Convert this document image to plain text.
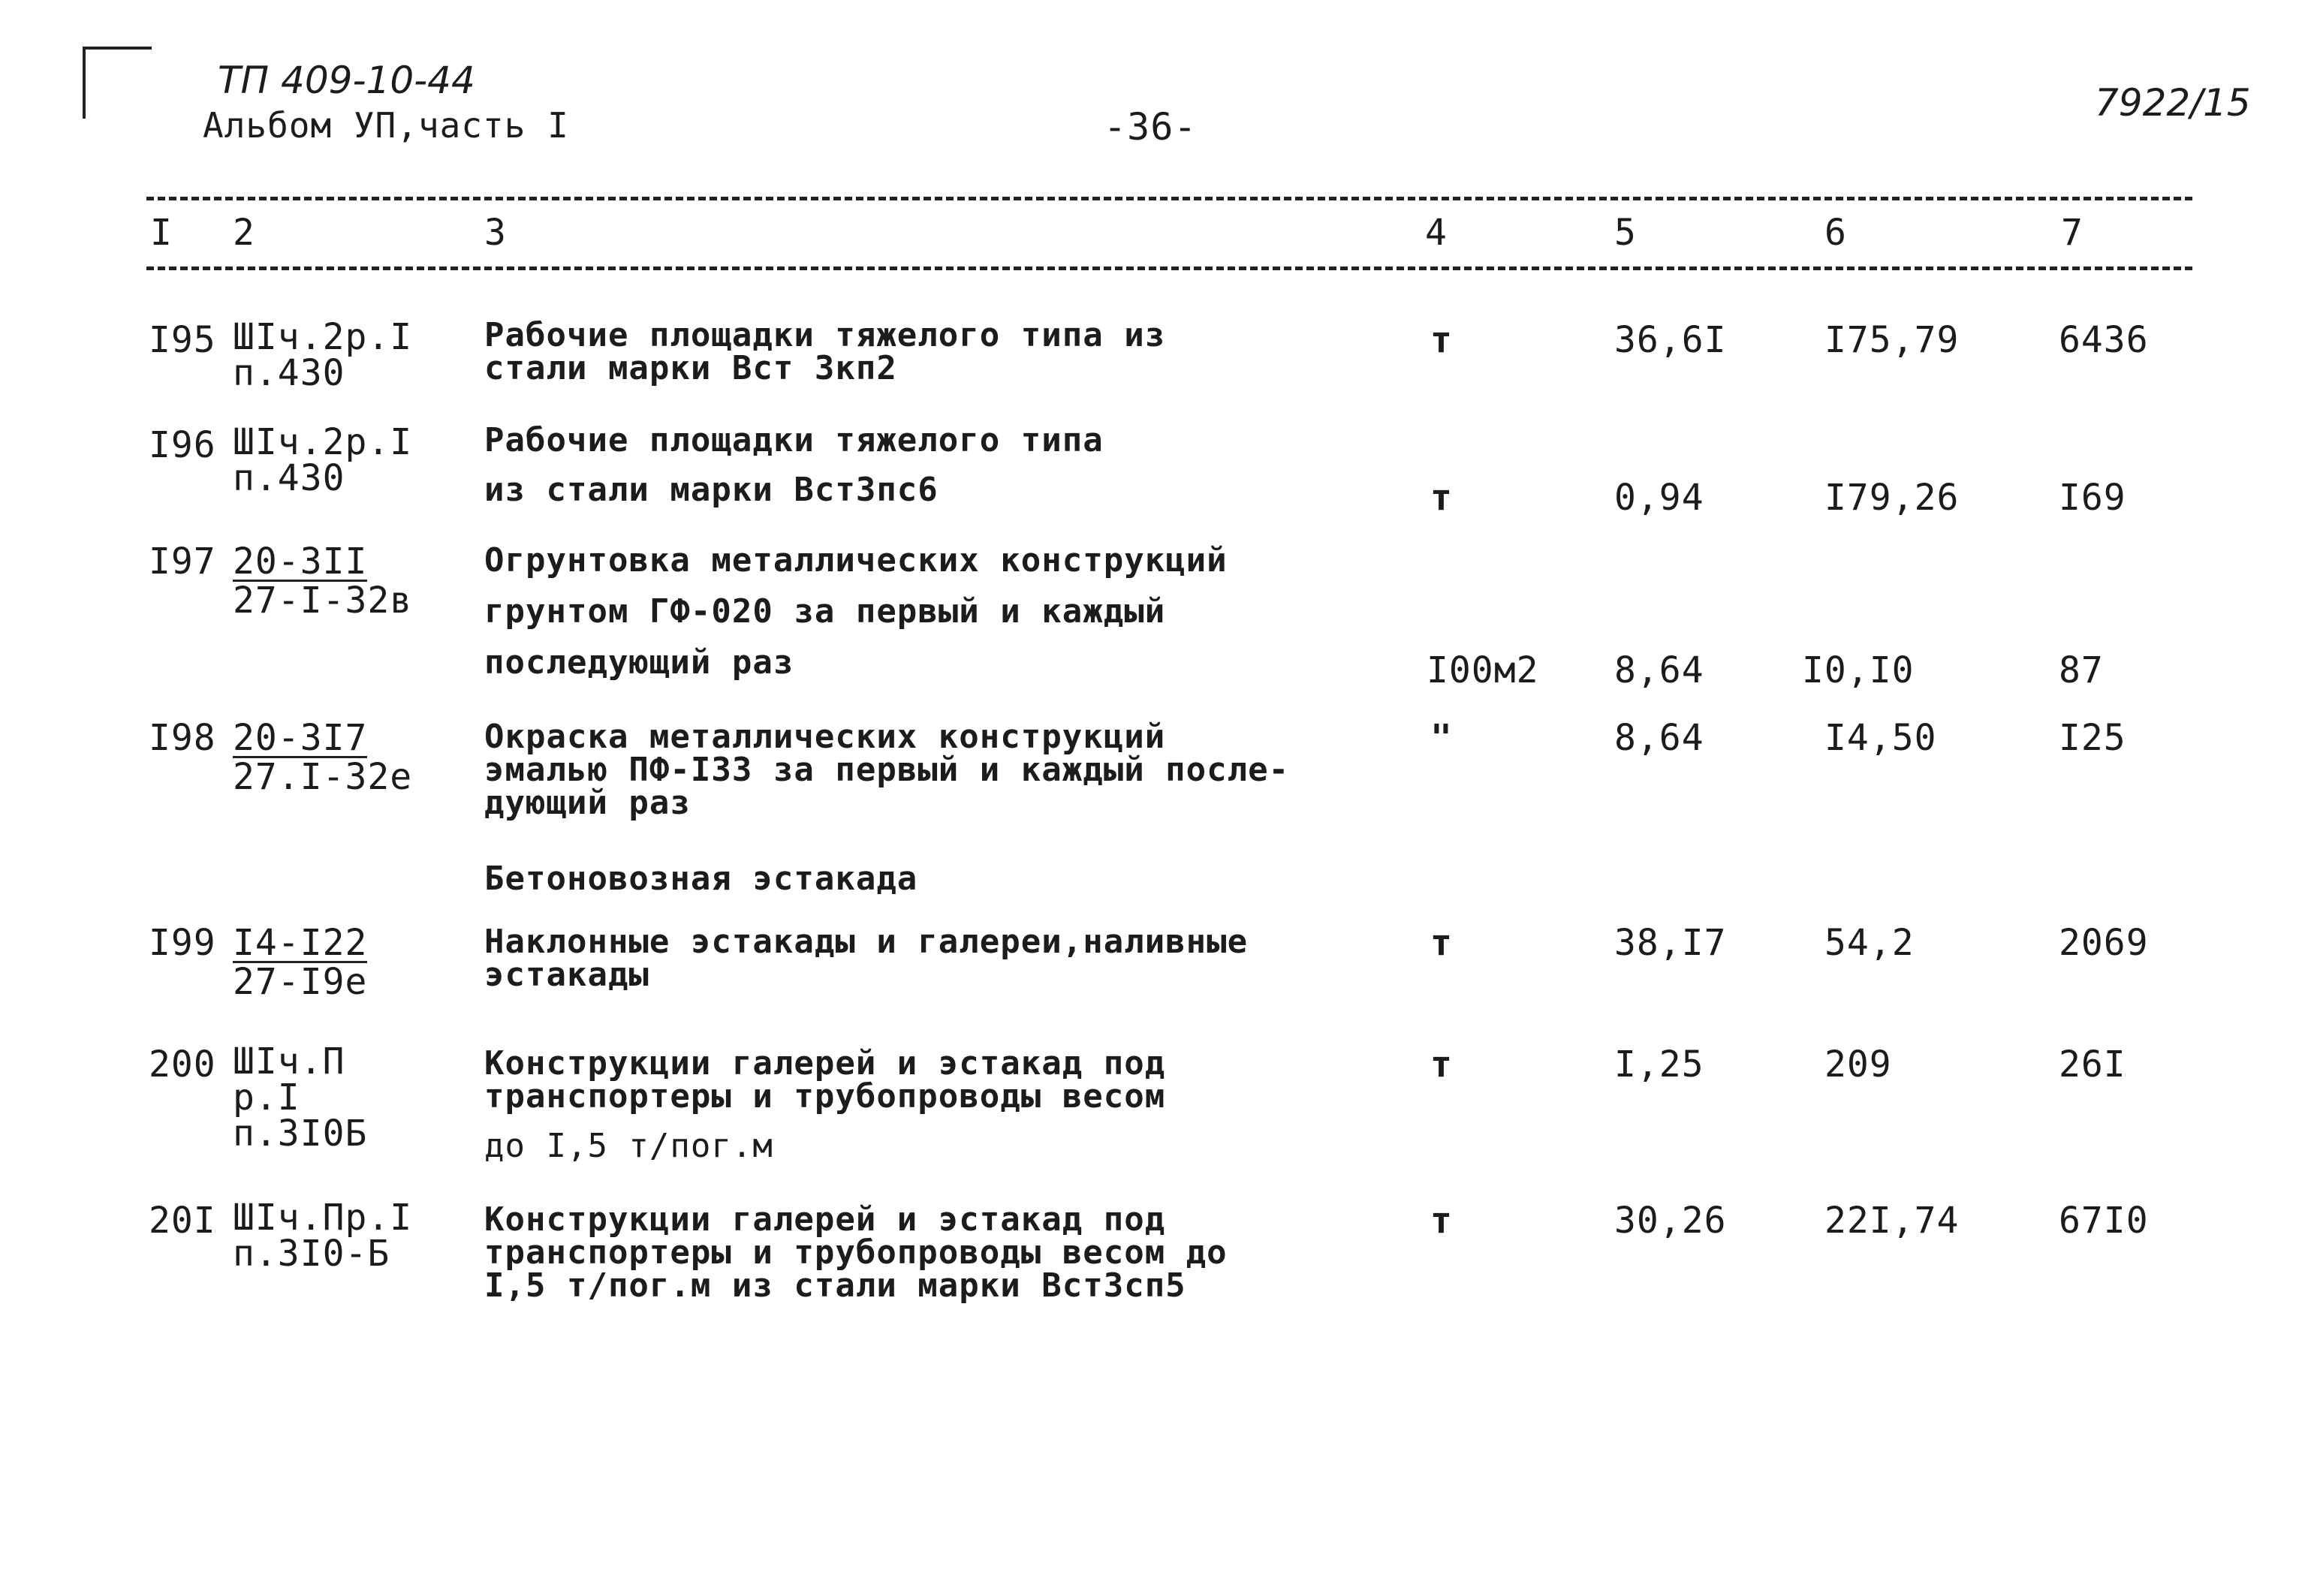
ТП 409-10-44
Альбом УП,часть I	-36-
7922/15
I 2	3	4	5	6	7
I95 ШIч.2р.I
п.430
Рабочие площадки тяжелого типа из
стали марки Вст 3кп2
т	36,6I	I75,79	6436
I96 ШIч.2р.I
п.430
Рабочие площадки тяжелого типа
из стали марки Вст3пс6	т	0,94	I79,26	I69
I97 20-3II
27-I-32в
Огрунтовка металлических конструкций
грунтом ГФ-020 за первый и каждый
последующий раз	I00м2 8,64	I0,I0	87
I98 20-3I7
27.I-32е
Окраска металлических конструкций
эмалью ПФ-I33 за первый и каждый после-
дующий раз
"	8,64	I4,50	I25
Бетоновозная эстакада
I99 I4-I22
27-I9е
Наклонные эстакады и галереи,наливные
эстакады
т	38,I7	54,2	2069
200 ШIч.П
р.I
п.3I0Б
Конструкции галерей и эстакад под
транспортеры и трубопроводы весом
до I,5 т/пог.м
т	I,25	209	26I
20I ШIч.Пр.I
п.3I0-Б
Конструкции галерей и эстакад под
транспортеры и трубопроводы весом до
I,5 т/пог.м из стали марки Вст3сп5
т	30,26	22I,74	67I0
